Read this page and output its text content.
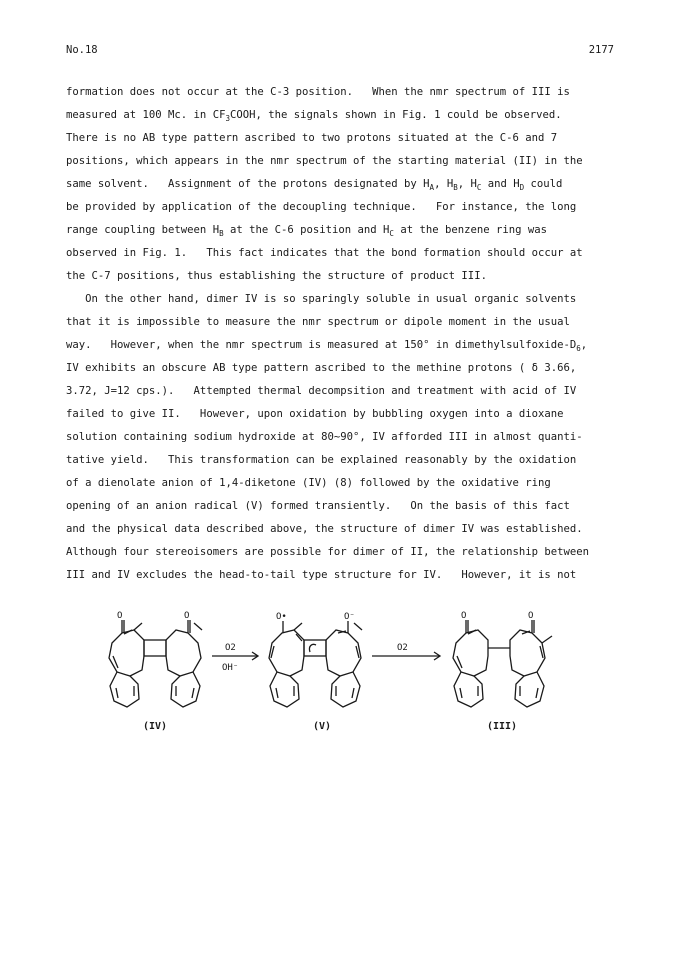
No.18	2177
formation does not occur at the C-3 position.   When the nmr spectrum of III is
measured at 100 Mc. in $CF_3COOH$, the signals shown in Fig. 1 could be observed.
There is no AB type pattern ascribed to two protons situated at the C-6 and 7
positions, which appears in the nmr spectrum of the starting material (II) in the
same solvent.   Assignment of the protons designated by $H_A$, $H_B$, $H_C$ and $H_D$ could
be provided by application of the decoupling technique.   For instance, the long
range coupling between $H_B$ at the C-6 position and $H_C$ at the benzene ring was
observed in Fig. 1.   This fact indicates that the bond formation should occur at
the C-7 positions, thus establishing the structure of product III.
On the other hand, dimer IV is so sparingly soluble in usual organic solvents
that it is impossible to measure the nmr spectrum or dipole moment in the usual
way.   However, when the nmr spectrum is measured at 150° in dimethylsulfoxide-$D_6$,
IV exhibits an obscure AB type pattern ascribed to the methine protons ( δ 3.66,
3.72, J=12 cps.).   Attempted thermal decompsition and treatment with acid of IV
failed to give II.   However, upon oxidation by bubbling oxygen into a dioxane
solution containing sodium hydroxide at 80~90°, IV afforded III in almost quanti-
tative yield.   This transformation can be explained reasonably by the oxidation
of a dienolate anion of 1,4-diketone (IV) (8) followed by the oxidative ring
opening of an anion radical (V) formed transiently.   On the basis of this fact
and the physical data described above, the structure of dimer IV was established.
Although four stereoisomers are possible for dimer of II, the relationship between
III and IV excludes the head-to-tail type structure for IV.   However, it is not
O	O
O2
OH⁻
O•	O⁻
O2
O	O
(IV)	(V)	(III)
